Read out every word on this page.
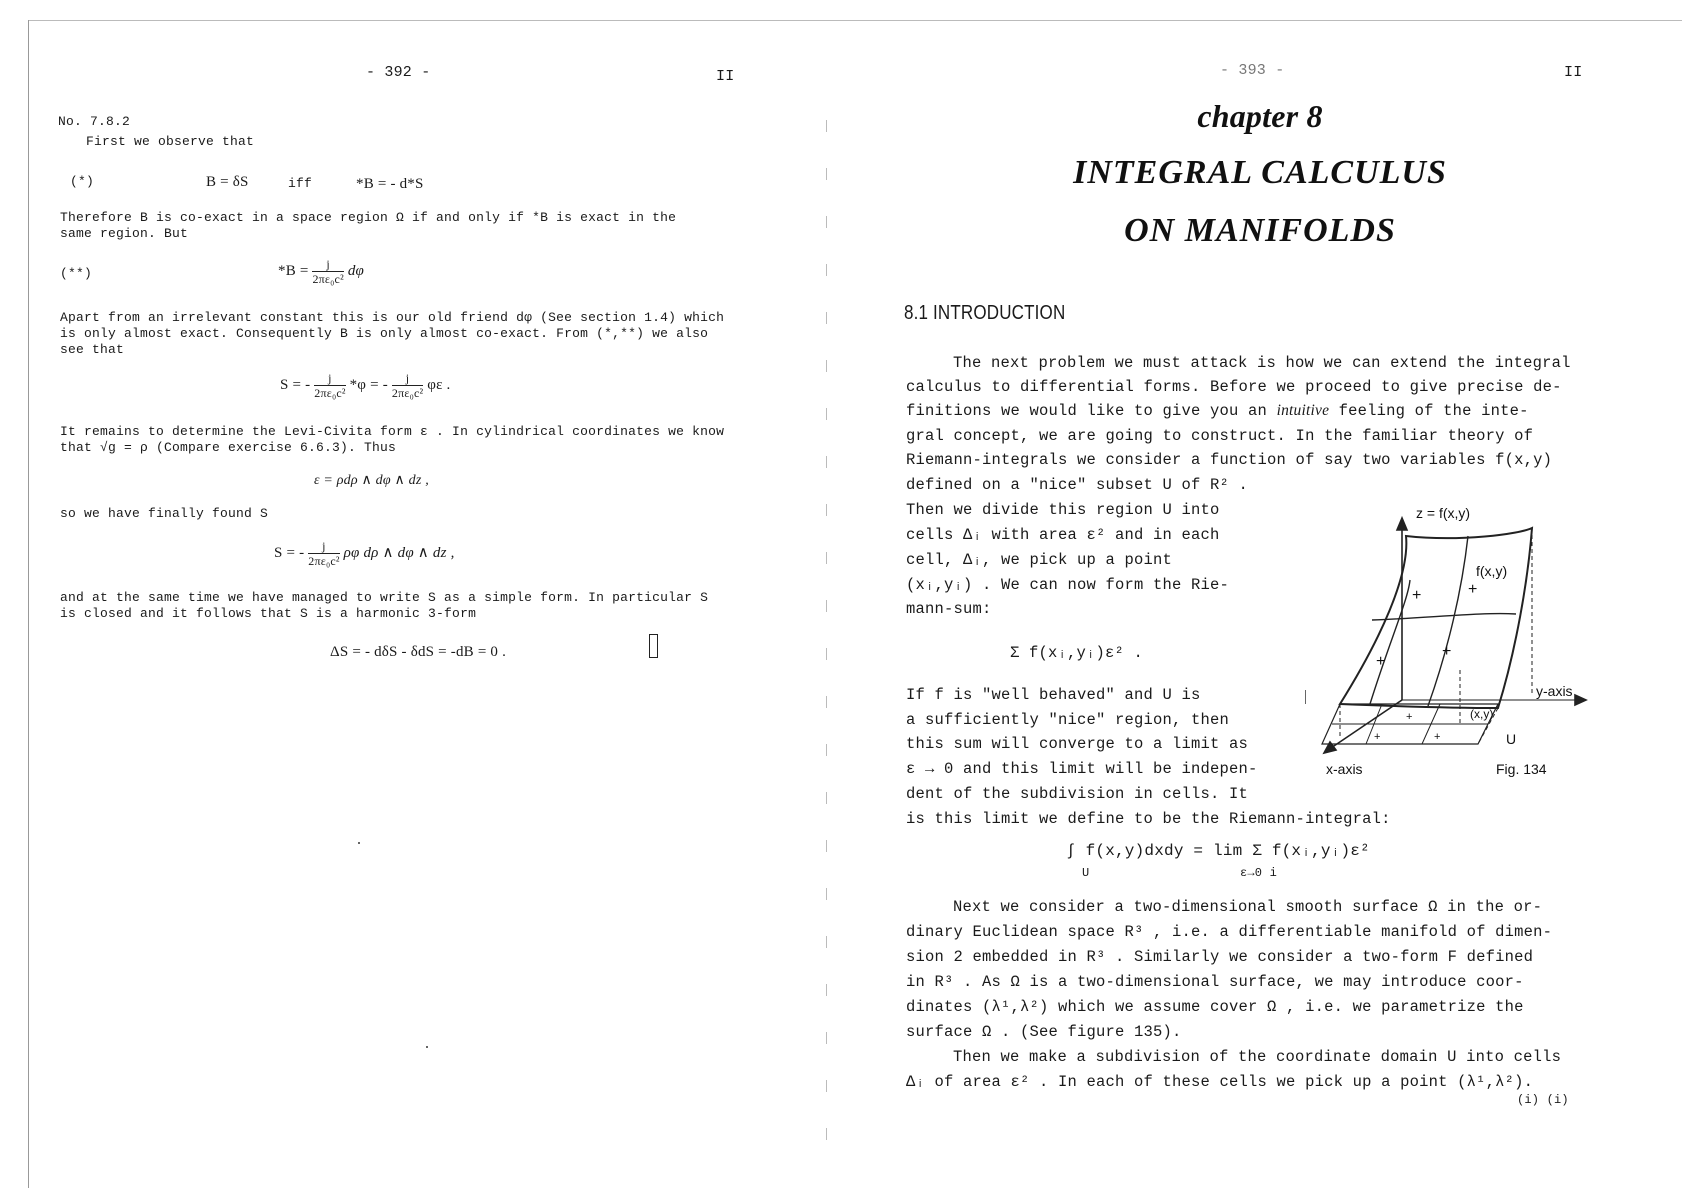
- 392 -	II
No. 7.8.2
First we observe that
(*)	B = δS	iff	*B = - d*S
Therefore B is co-exact in a space region Ω if and only if *B is exact in the
same region. But
(**)	$*B = \frac{j}{\text{2πε₀c²}}$ dφ
Apart from an irrelevant constant this is our old friend dφ (See section 1.4) which
is only almost exact. Consequently B is only almost co-exact. From (*,**) we also
see that
S = - $\frac{j}{\text{2πε₀c²}} *\varphi$ = - $\frac{j}{\text{2πε₀c²}}$ φε .
It remains to determine the Levi-Civita form ε . In cylindrical coordinates we know
that √g = ρ (Compare exercise 6.6.3). Thus
ε = ρdρ ∧ dφ ∧ dz ,
so we have finally found S
S = - $\frac{j}{\text{2πε₀c²}}$ ρφ dρ ∧ dφ ∧ dz ,
and at the same time we have managed to write S as a simple form. In particular S
is closed and it follows that S is a harmonic 3-form
ΔS = - dδS - δdS = -dB = 0 .
- 393 -	II
chapter 8
INTEGRAL CALCULUS
ON MANIFOLDS
8.1 INTRODUCTION
The next problem we must attack is how we can extend the integral
calculus to differential forms. Before we proceed to give precise de-
finitions we would like to give you an intuitive feeling of the inte-
gral concept, we are going to construct. In the familiar theory of
Riemann-integrals we consider a function of say two variables f(x,y)
defined on a "nice" subset U of R² .
Then we divide this region U into
cells Δᵢ with area ε² and in each
cell, Δᵢ, we pick up a point
(xᵢ,yᵢ) . We can now form the Rie-
mann-sum:
Σ f(xᵢ,yᵢ)ε² .
If f is "well behaved" and U is
a sufficiently "nice" region, then
this sum will converge to a limit as
ε → 0 and this limit will be indepen-
dent of the subdivision in cells. It
is this limit we define to be the Riemann-integral:
∫ f(x,y)dxdy = lim Σ f(xᵢ,yᵢ)ε²
U	ε→0 i
Next we consider a two-dimensional smooth surface Ω in the or-
dinary Euclidean space R³ , i.e. a differentiable manifold of dimen-
sion 2 embedded in R³ . Similarly we consider a two-form F defined
in R³ . As Ω is a two-dimensional surface, we may introduce coor-
dinates (λ¹,λ²) which we assume cover Ω , i.e. we parametrize the
surface Ω . (See figure 135).
Then we make a subdivision of the coordinate domain U into cells
Δᵢ of area ε² . In each of these cells we pick up a point (λ¹,λ²).
(i) (i)
z = f(x,y)
f(x,y)
y-axis
x-axis
U
(x,y)
Fig. 134
+	+
+
+
+
+	+
